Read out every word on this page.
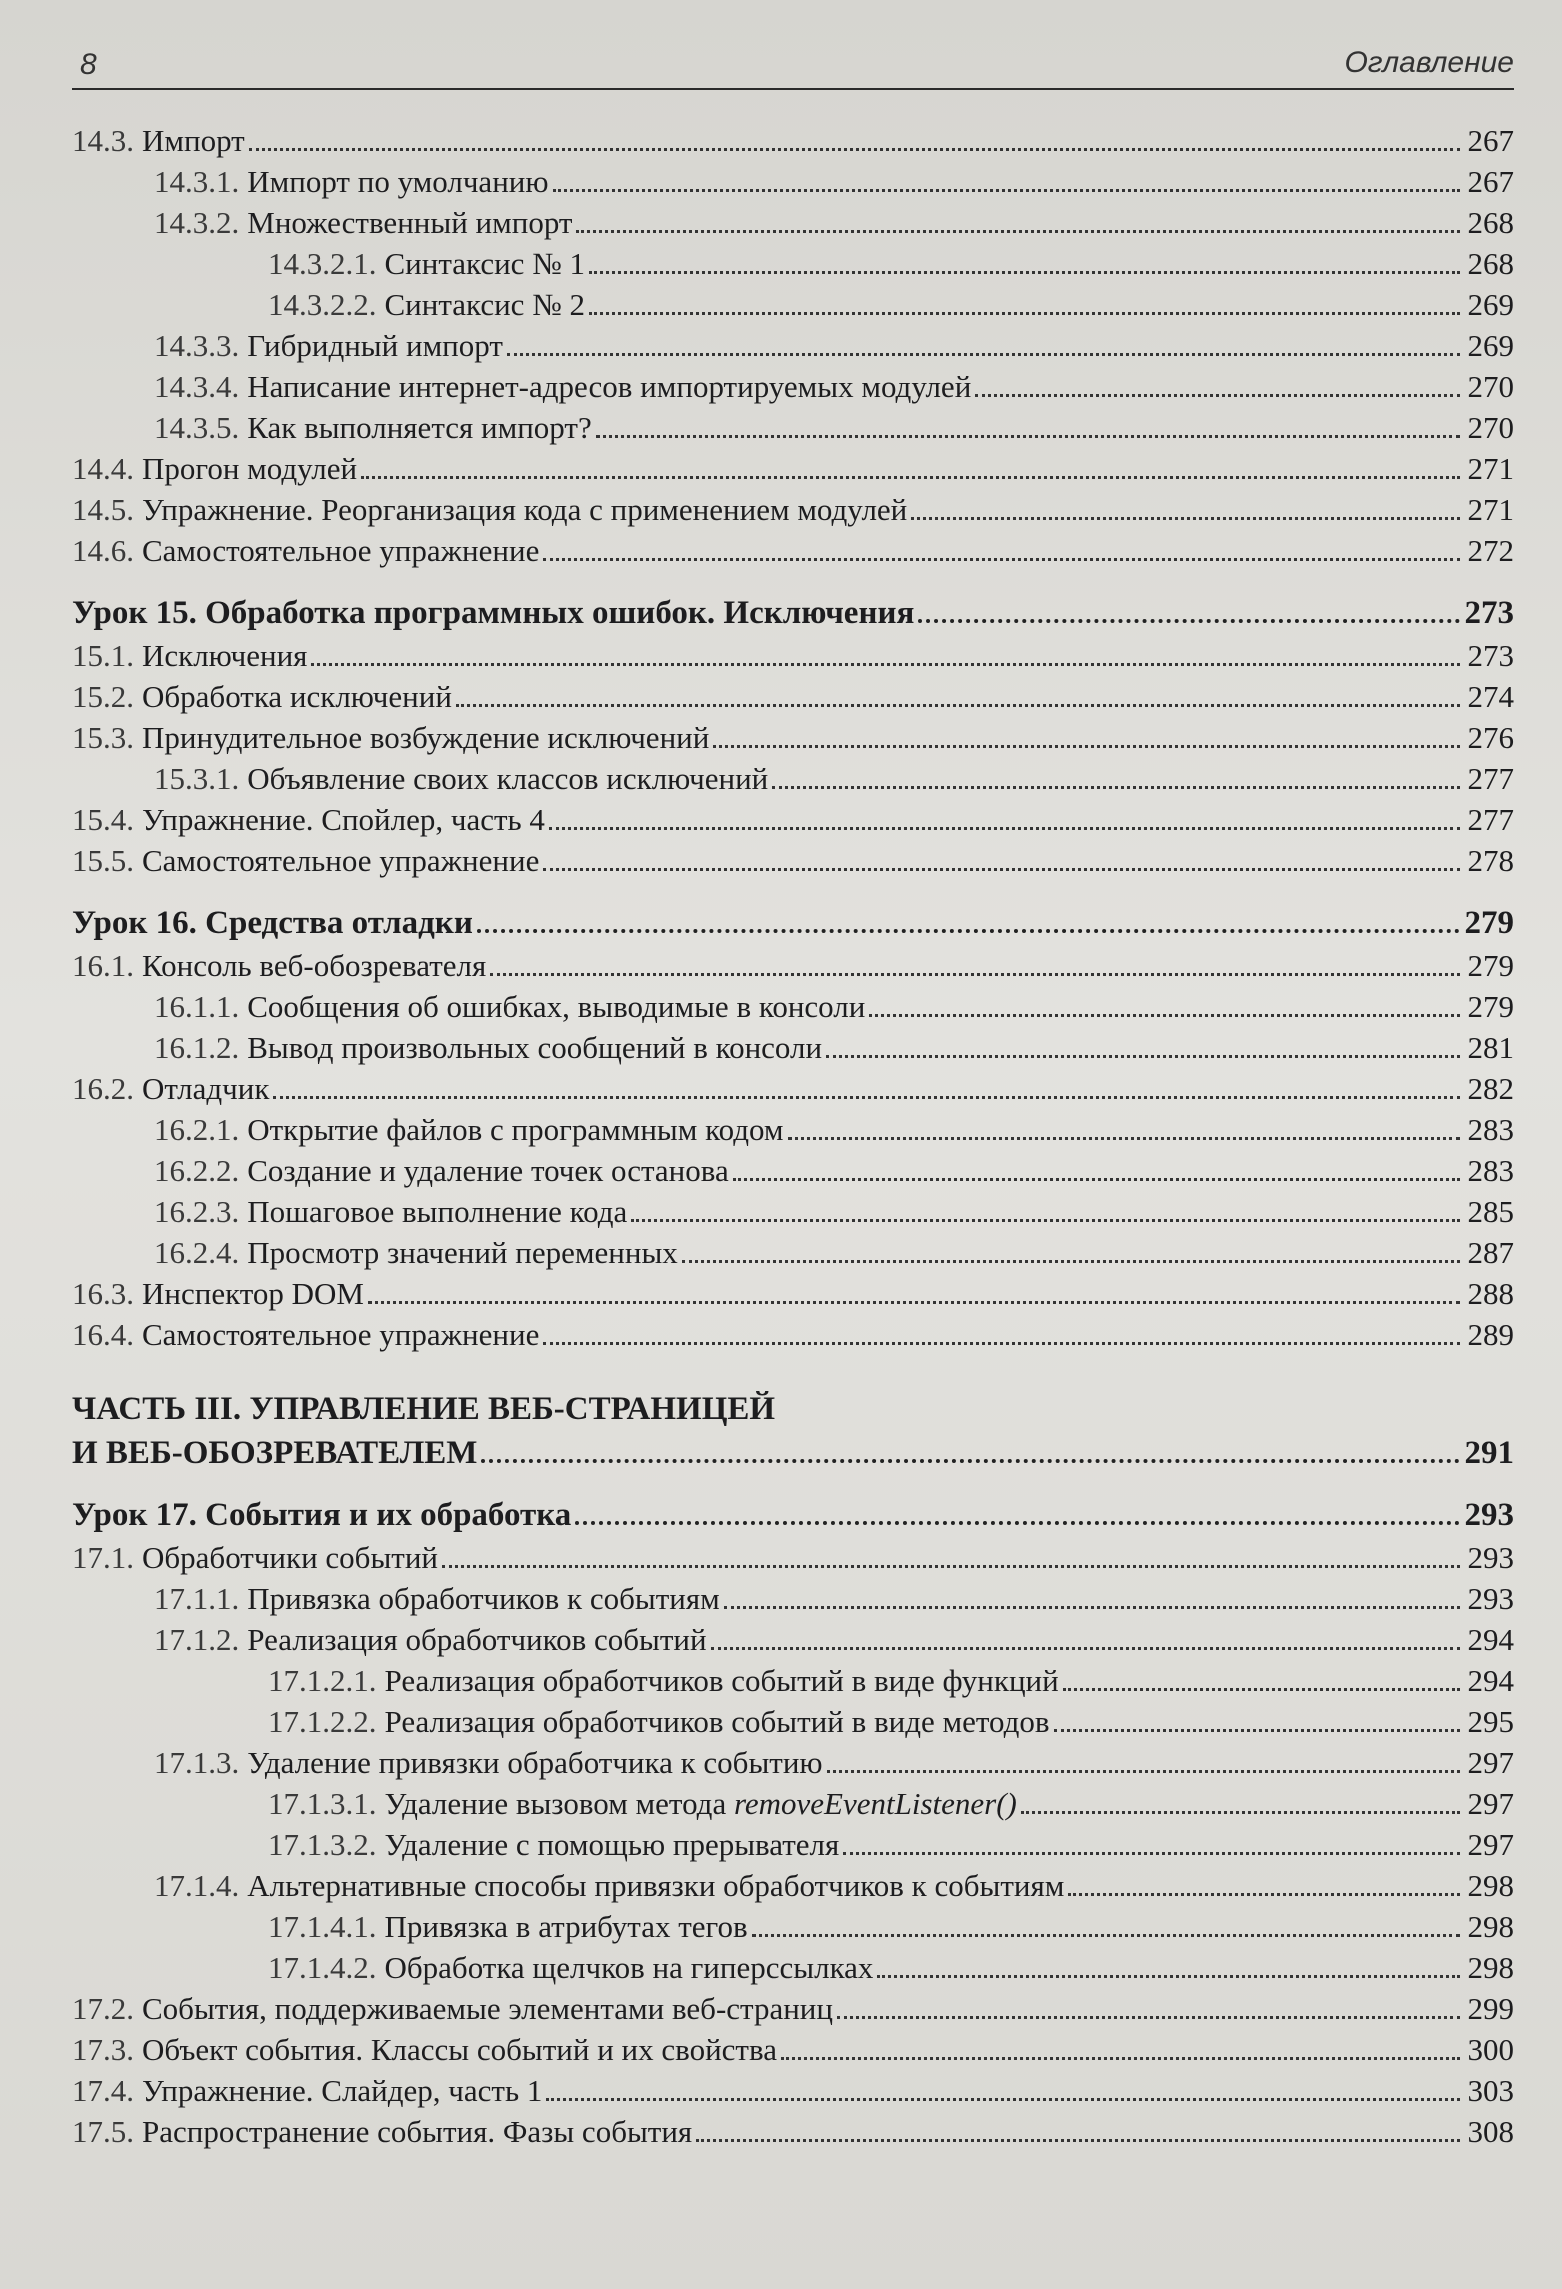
8	Оглавление
14.3. Импорт	267
14.3.1. Импорт по умолчанию	267
14.3.2. Множественный импорт	268
14.3.2.1. Синтаксис № 1	268
14.3.2.2. Синтаксис № 2	269
14.3.3. Гибридный импорт	269
14.3.4. Написание интернет-адресов импортируемых модулей	270
14.3.5. Как выполняется импорт?	270
14.4. Прогон модулей	271
14.5. Упражнение. Реорганизация кода с применением модулей	271
14.6. Самостоятельное упражнение	272
Урок 15. Обработка программных ошибок. Исключения	273
15.1. Исключения	273
15.2. Обработка исключений	274
15.3. Принудительное возбуждение исключений	276
15.3.1. Объявление своих классов исключений	277
15.4. Упражнение. Спойлер, часть 4	277
15.5. Самостоятельное упражнение	278
Урок 16. Средства отладки	279
16.1. Консоль веб-обозревателя	279
16.1.1. Сообщения об ошибках, выводимые в консоли	279
16.1.2. Вывод произвольных сообщений в консоли	281
16.2. Отладчик	282
16.2.1. Открытие файлов с программным кодом	283
16.2.2. Создание и удаление точек останова	283
16.2.3. Пошаговое выполнение кода	285
16.2.4. Просмотр значений переменных	287
16.3. Инспектор DOM	288
16.4. Самостоятельное упражнение	289
ЧАСТЬ III. УПРАВЛЕНИЕ ВЕБ-СТРАНИЦЕЙ
И ВЕБ-ОБОЗРЕВАТЕЛЕМ	291
Урок 17. События и их обработка	293
17.1. Обработчики событий	293
17.1.1. Привязка обработчиков к событиям	293
17.1.2. Реализация обработчиков событий	294
17.1.2.1. Реализация обработчиков событий в виде функций	294
17.1.2.2. Реализация обработчиков событий в виде методов	295
17.1.3. Удаление привязки обработчика к событию	297
17.1.3.1. Удаление вызовом метода removeEventListener()	297
17.1.3.2. Удаление с помощью прерывателя	297
17.1.4. Альтернативные способы привязки обработчиков к событиям	298
17.1.4.1. Привязка в атрибутах тегов	298
17.1.4.2. Обработка щелчков на гиперссылках	298
17.2. События, поддерживаемые элементами веб-страниц	299
17.3. Объект события. Классы событий и их свойства	300
17.4. Упражнение. Слайдер, часть 1	303
17.5. Распространение события. Фазы события	308
